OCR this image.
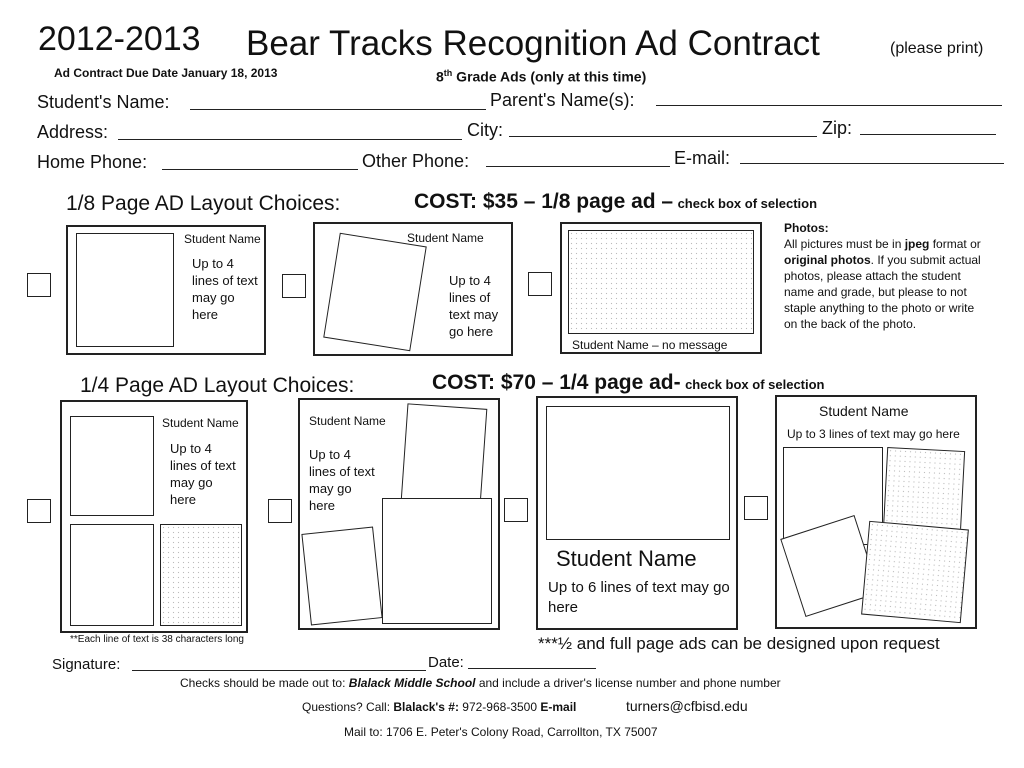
2012-2013 Bear Tracks Recognition Ad Contract	(please print)
Ad Contract Due Date January 18, 2013	8th Grade Ads (only at this time)
Student's Name:	Parent's Name(s):
Address:	City:	Zip:
Home Phone:	Other Phone:	E-mail:
1/8 Page AD Layout Choices:	COST: $35 – 1/8 page ad – check box of selection
Student Name
Up to 4 lines of text may go here
Student Name
Up to 4 lines of text may go here
Student Name – no message
Photos:
All pictures must be in jpeg format or original photos. If you submit actual photos, please attach the student name and grade, but please to not staple anything to the photo or write on the back of the photo.
1/4 Page AD Layout Choices:	COST: $70 – 1/4 page ad- check box of selection
Student Name
Up to 4 lines of text may go here
Student Name
Up to 4 lines of text may go here
Student Name
Up to 6 lines of text may go here
Student Name
Up to 3 lines of text may go here
**Each line of text is 38 characters long	***½ and full page ads can be designed upon request
Signature:	Date:
Checks should be made out to: Blalack Middle School and include a driver's license number and phone number
Questions? Call: Blalack's #: 972-968-3500 E-mail	turners@cfbisd.edu
Mail to: 1706 E. Peter's Colony Road, Carrollton, TX 75007
